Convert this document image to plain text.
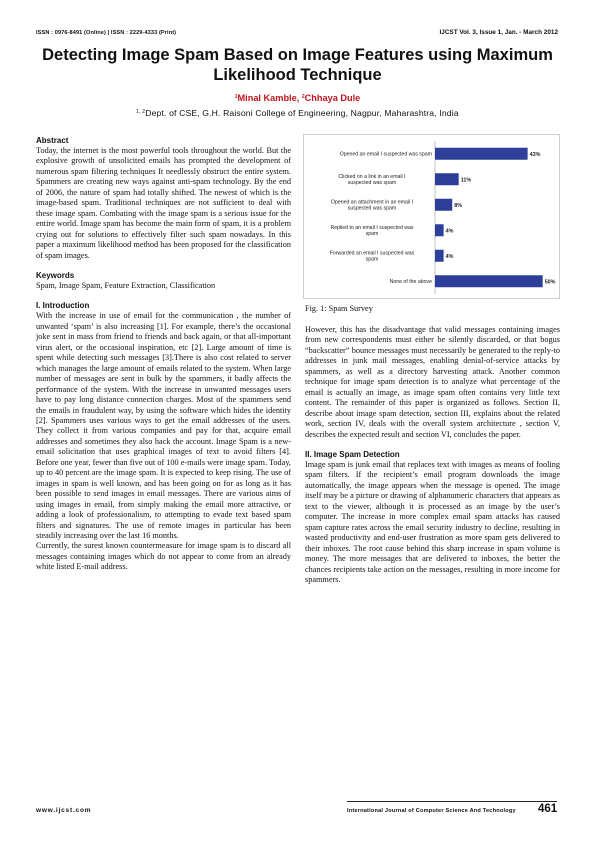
ISSN : 0976-8491 (Online) | ISSN : 2229-4333 (Print)	IJCST Vol. 3, Issue 1, Jan. - March 2012
Detecting Image Spam Based on Image Features using Maximum Likelihood Technique
$^1$Minal Kamble, $^2$Chhaya Dule
$^{1, 2}$Dept. of CSE, G.H. Raisoni College of Engineering, Nagpur, Maharashtra, India
Abstract

Today, the internet is the most powerful tools throughout the world. But the explosive growth of unsolicited emails has prompted the development of numerous spam filtering techniques It needlessly obstruct the entire system. Spammers are creating new ways against anti-spam technology. By the end of 2006, the nature of spam had totally shifted. The newest of which is the image-based spam. Traditional techniques are not sufficient to deal with these image spam. Combating with the image spam is a serious issue for the entire world. Image spam has become the main form of spam, it is a problem crying out for solutions to effectively filter such spam nowadays. In this paper a maximum likelihood method has been proposed for the classification of spam images.

Keywords

Spam, Image Spam, Feature Extraction, Classification

I. Introduction

With the increase in use of email for the communication , the number of unwanted ‘spam’ is also increasing [1]. For example, there’s the occasional joke sent in mass from friend to friends and back again, or that all-important virus alert, or the occasional inspiration, etc [2]. Large amount of time is spent while detecting such messages [3].There is also cost related to server which manages the large amount of emails related to the system. When large number of messages are sent in bulk by the spammers, it badly affects the performance of the system. With the increase in unwanted messages users have to pay long distance connection charges. Most of the spammers send the emails in fraudulent way, by using the software which hides the identity [2]. Spammers uses various ways to get the email addresses of the users. They collect it from various companies and pay for that, acquire email addresses and sometimes they also hack the account. Image Spam is a new-email solicitation that uses graphical images of text to avoid filters [4]. Before one year, fewer than five out of 100 e-mails were image spam. Today, up to 40 percent are the image spam. It is expected to keep rising. The use of images in spam is well known, and has been going on for as long as it has been possible to send images in email messages. There are various aims of using images in email, from simply making the email more attractive, or adding a look of professionalism, to attempting to evade text based spam filters and signatures. The use of remote images in particular has been steadily increasing over the last 16 months.

Currently, the surest known countermeasure for image spam is to discard all messages containing images which do not appear to come from an already white listed E-mail address.

Opened an email I suspected was spam	43%
Clicked on a link in an email I suspected was spam	11%
Opened an attachment in an email I suspected was spam	8%
Replied to an email I suspected was spam	4%
Forwarded an email I suspected was spam	4%
None of the above	50%
Fig. 1: Spam Survey

However, this has the disadvantage that valid messages containing images from new correspondents must either be silently discarded, or that bogus “backscatter” bounce messages must necessarily be generated to the reply-to addresses in junk mail messages, enabling denial-of-service attacks by spammers, as well as a directory harvesting attack. Another common technique for image spam detection is to analyze what percentage of the email is actually an image, as image spam often contains very little text content. The remainder of this paper is organized as follows. Section II, describe about image spam detection, section III, explains about the related work, section IV, deals with the overall system architecture , section V, describes the expected result and section VI, concludes the paper.

II. Image Spam Detection

Image spam is junk email that replaces text with images as means of fooling spam filters. If the recipient’s email program downloads the image automatically, the image appears when the message is opened. The image itself may be a picture or drawing of alphanumeric characters that appears as text to the viewer, although it is processed as an image by the user’s computer. The increase in more complex email spam attacks has caused spam capture rates across the email security industry to decline, resulting in wasted productivity and end-user frustration as more spam gets delivered to their inboxes. The root cause behind this sharp increase in spam volume is money. The more messages that are delivered to inboxes, the better the chances recipients take action on the messages, resulting in more income for spammers.

www.ijcst.com	International Journal of Computer Science And Technology 461
